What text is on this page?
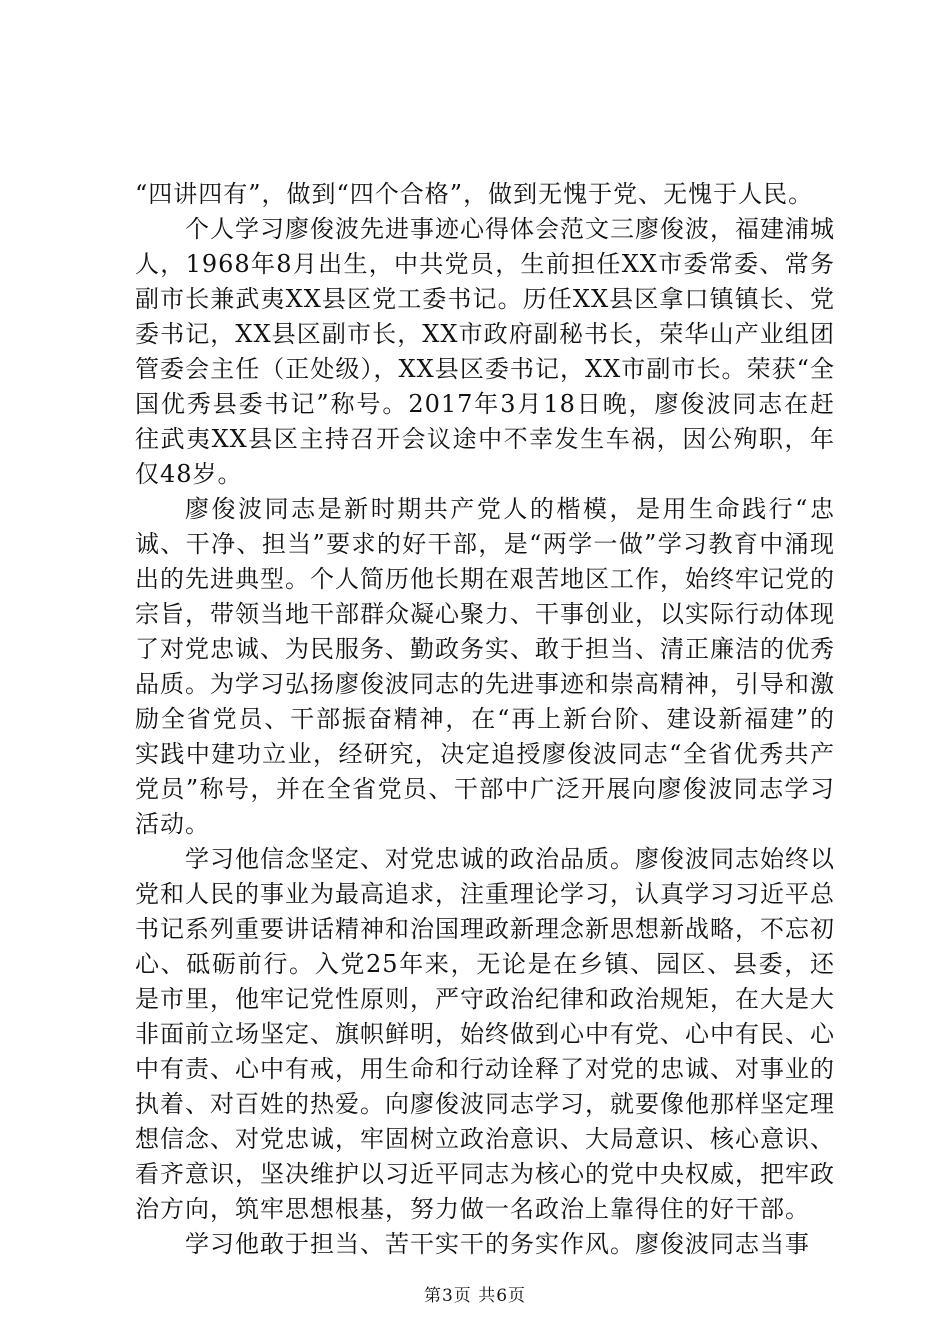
“四讲四有”，做到“四个合格”，做到无愧于党、无愧于人民。

个人学习廖俊波先进事迹心得体会范文三廖俊波，福建浦城人，1968年8月出生，中共党员，生前担任XX市委常委、常务副市长兼武夷XX县区党工委书记。历任XX县区拿口镇镇长、党委书记，XX县区副市长，XX市政府副秘书长，荣华山产业组团管委会主任（正处级），XX县区委书记，XX市副市长。荣获“全国优秀县委书记”称号。2017年3月18日晚，廖俊波同志在赶往武夷XX县区主持召开会议途中不幸发生车祸，因公殉职，年仅48岁。

廖俊波同志是新时期共产党人的楷模，是用生命践行“忠诚、干净、担当”要求的好干部，是“两学一做”学习教育中涌现出的先进典型。个人简历他长期在艰苦地区工作，始终牢记党的宗旨，带领当地干部群众凝心聚力、干事创业，以实际行动体现了对党忠诚、为民服务、勤政务实、敢于担当、清正廉洁的优秀品质。为学习弘扬廖俊波同志的先进事迹和崇高精神，引导和激励全省党员、干部振奋精神，在“再上新台阶、建设新福建”的实践中建功立业，经研究，决定追授廖俊波同志“全省优秀共产党员”称号，并在全省党员、干部中广泛开展向廖俊波同志学习活动。

学习他信念坚定、对党忠诚的政治品质。廖俊波同志始终以党和人民的事业为最高追求，注重理论学习，认真学习习近平总书记系列重要讲话精神和治国理政新理念新思想新战略，不忘初心、砥砺前行。入党25年来，无论是在乡镇、园区、县委，还是市里，他牢记党性原则，严守政治纪律和政治规矩，在大是大非面前立场坚定、旗帜鲜明，始终做到心中有党、心中有民、心中有责、心中有戒，用生命和行动诠释了对党的忠诚、对事业的执着、对百姓的热爱。向廖俊波同志学习，就要像他那样坚定理想信念、对党忠诚，牢固树立政治意识、大局意识、核心意识、看齐意识，坚决维护以习近平同志为核心的党中央权威，把牢政治方向，筑牢思想根基，努力做一名政治上靠得住的好干部。

学习他敢于担当、苦干实干的务实作风。廖俊波同志当事

第3页 共6页
